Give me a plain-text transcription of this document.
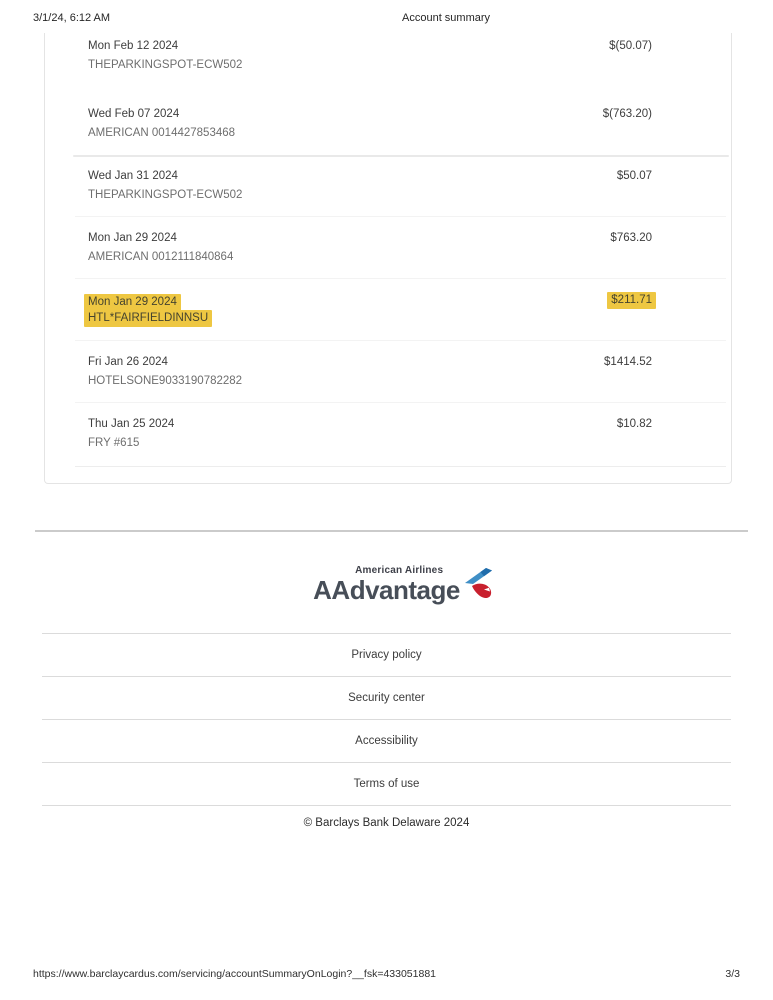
3/1/24, 6:12 AM	Account summary
Mon Feb 12 2024
THEPARKINGSPOT-ECW502
$(50.07)
Wed Feb 07 2024
AMERICAN 0014427853468
$(763.20)
Wed Jan 31 2024
THEPARKINGSPOT-ECW502
$50.07
Mon Jan 29 2024
AMERICAN 0012111840864
$763.20
Mon Jan 29 2024
HTL*FAIRFIELDINNSU
$211.71
Fri Jan 26 2024
HOTELSONE9033190782282
$1414.52
Thu Jan 25 2024
FRY #615
$10.82
American Airlines
AAdvantage
Privacy policy
Security center
Accessibility
Terms of use
© Barclays Bank Delaware 2024
https://www.barclaycardus.com/servicing/accountSummaryOnLogin?__fsk=433051881	3/3
